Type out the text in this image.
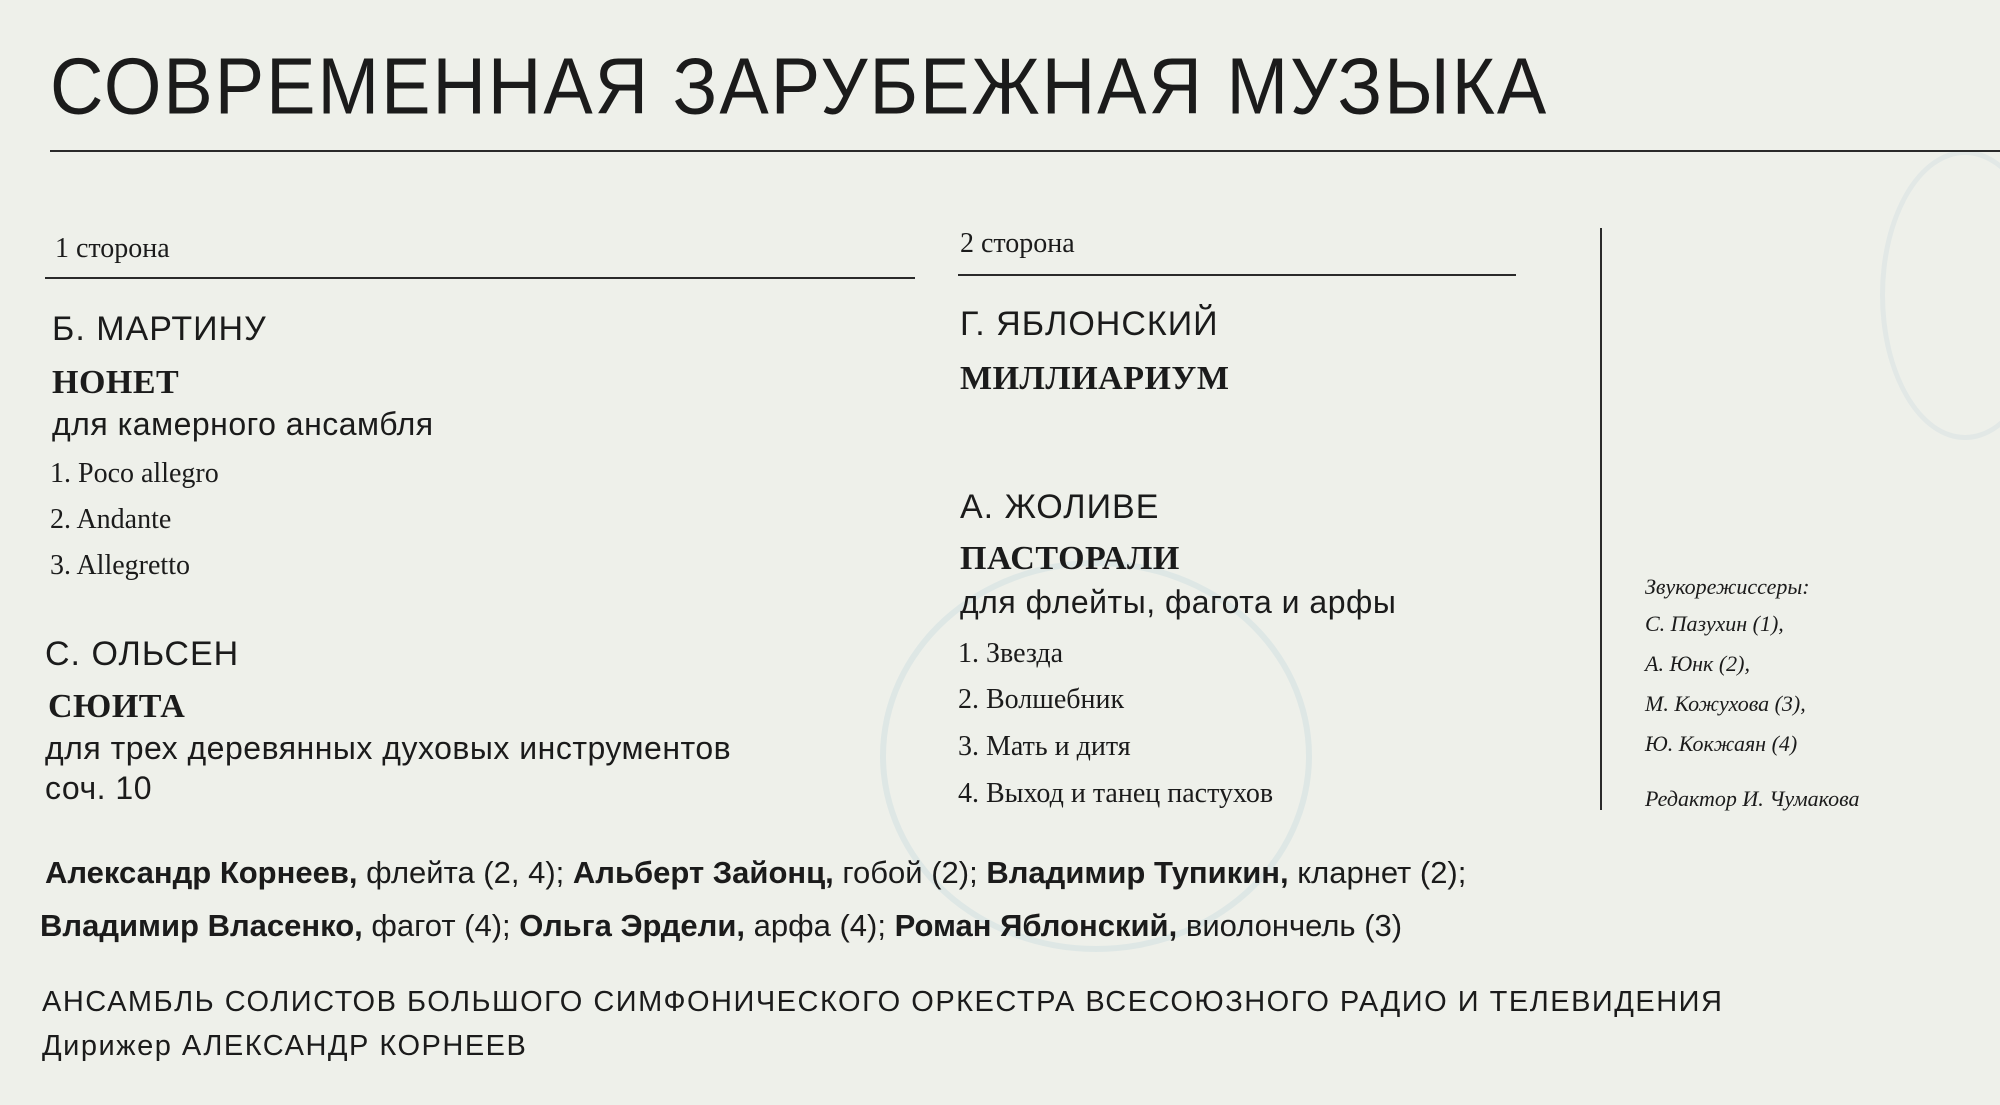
СОВРЕМЕННАЯ ЗАРУБЕЖНАЯ МУЗЫКА
1 сторона
Б. МАРТИНУ
НОНЕТ
для камерного ансамбля
1. Poco allegro
2. Andante
3. Allegretto
С. ОЛЬСЕН
СЮИТА
для трех деревянных духовых инструментов
соч. 10
2 сторона
Г. ЯБЛОНСКИЙ
МИЛЛИАРИУМ
А. ЖОЛИВЕ
ПАСТОРАЛИ
для флейты, фагота и арфы
1. Звезда
2. Волшебник
3. Мать и дитя
4. Выход и танец пастухов
Звукорежиссеры:
С. Пазухин (1),
А. Юнк (2),
М. Кожухова (3),
Ю. Кокжаян (4)
Редактор И. Чумакова
Александр Корнеев, флейта (2, 4); Альберт Зайонц, гобой (2); Владимир Тупикин, кларнет (2);
Владимир Власенко, фагот (4); Ольга Эрдели, арфа (4); Роман Яблонский, виолончель (3)
АНСАМБЛЬ СОЛИСТОВ БОЛЬШОГО СИМФОНИЧЕСКОГО ОРКЕСТРА ВСЕСОЮЗНОГО РАДИО И ТЕЛЕВИДЕНИЯ
Дирижер АЛЕКСАНДР КОРНЕЕВ
